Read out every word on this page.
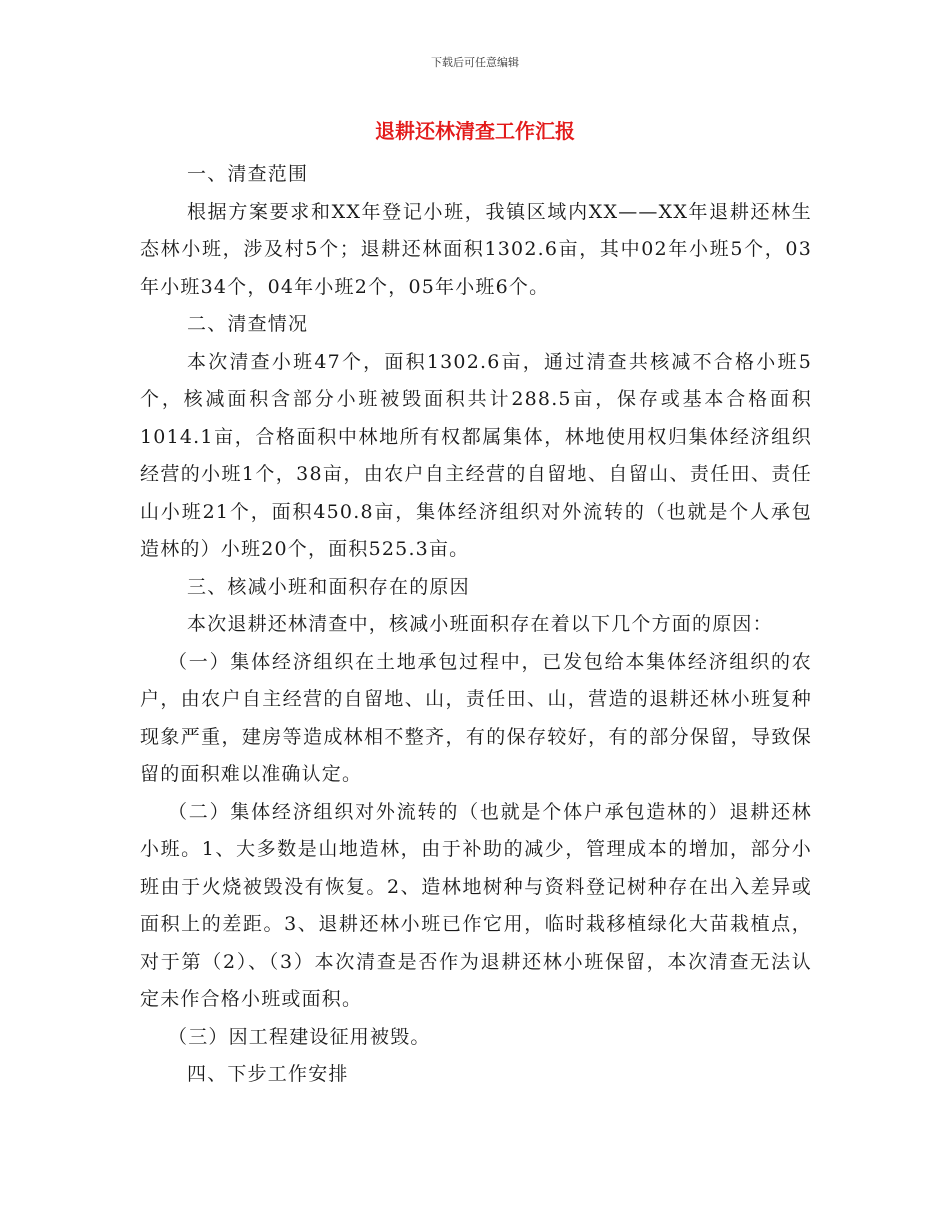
下载后可任意编辑
退耕还林清查工作汇报

一、清查范围

根据方案要求和XX年登记小班，我镇区域内XX——XX年退耕还林生态林小班，涉及村5个；退耕还林面积1302.6亩，其中02年小班5个，03年小班34个，04年小班2个，05年小班6个。

二、清查情况

本次清查小班47个，面积1302.6亩，通过清查共核减不合格小班5个，核减面积含部分小班被毁面积共计288.5亩，保存或基本合格面积1014.1亩，合格面积中林地所有权都属集体，林地使用权归集体经济组织经营的小班1个，38亩，由农户自主经营的自留地、自留山、责任田、责任山小班21个，面积450.8亩，集体经济组织对外流转的（也就是个人承包造林的）小班20个，面积525.3亩。

三、核减小班和面积存在的原因

本次退耕还林清查中，核减小班面积存在着以下几个方面的原因：

（一）集体经济组织在土地承包过程中，已发包给本集体经济组织的农户，由农户自主经营的自留地、山，责任田、山，营造的退耕还林小班复种现象严重，建房等造成林相不整齐，有的保存较好，有的部分保留，导致保留的面积难以准确认定。

（二）集体经济组织对外流转的（也就是个体户承包造林的）退耕还林小班。1、大多数是山地造林，由于补助的减少，管理成本的增加，部分小班由于火烧被毁没有恢复。2、造林地树种与资料登记树种存在出入差异或面积上的差距。3、退耕还林小班已作它用，临时栽移植绿化大苗栽植点，对于第（2）、（3）本次清查是否作为退耕还林小班保留，本次清查无法认定未作合格小班或面积。

（三）因工程建设征用被毁。

四、下步工作安排
